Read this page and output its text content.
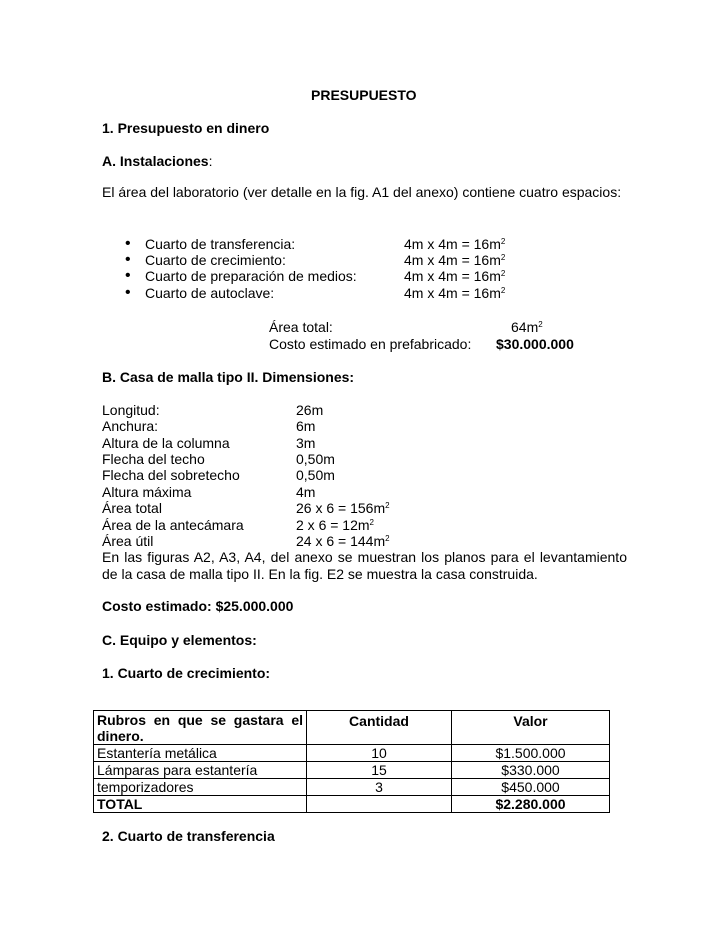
PRESUPUESTO
1. Presupuesto en dinero
A. Instalaciones:
El área del laboratorio (ver detalle en la fig. A1 del anexo) contiene cuatro espacios:
• Cuarto de transferencia:	4m x $4m = 16m^2$
• Cuarto de crecimiento:	4m x $4m = 16m^2$
• Cuarto de preparación de medios:	4m x $4m = 16m^2$
• Cuarto de autoclave:	4m x $4m = 16m^2$
Área total:	$64m^2$
Costo estimado en prefabricado: $30.000.000
B. Casa de malla tipo II. Dimensiones:
Longitud:	26m
Anchura:	6m
Altura de la columna	3m
Flecha del techo	0,50m
Flecha del sobretecho	0,50m
Altura máxima	4m
Área total	26 x $6 = 156m^2$
Área de la antecámara	2 x $6 = 12m^2$
Área útil	24 x $6 = 144m^2$
En las figuras A2, A3, A4, del anexo se muestran los planos para el levantamiento de la casa de malla tipo II. En la fig. E2 se muestra la casa construida.
Costo estimado: $25.000.000
C. Equipo y elementos:
1. Cuarto de crecimiento:
Rubros en que se gastara el dinero.	Cantidad	Valor
Estantería metálica	10	$1.500.000
Lámparas para estantería	15	$330.000
temporizadores	3	$450.000
TOTAL		$2.280.000
2. Cuarto de transferencia
